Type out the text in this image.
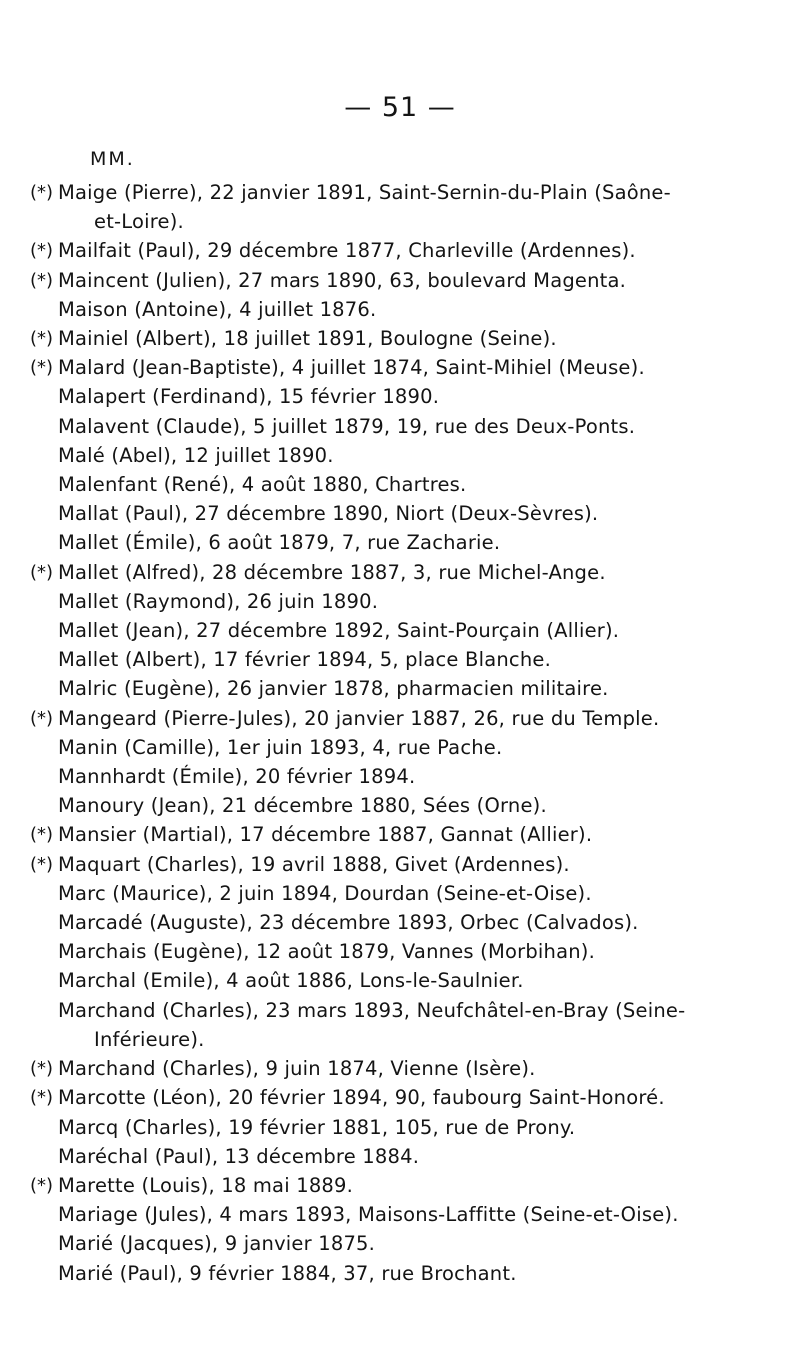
— 51 —
MM.
(*) Maige (Pierre), 22 janvier 1891, Saint-Sernin-du-Plain (Saône-
et-Loire).
(*) Mailfait (Paul), 29 décembre 1877, Charleville (Ardennes).
(*) Maincent (Julien), 27 mars 1890, 63, boulevard Magenta.
Maison (Antoine), 4 juillet 1876.
(*) Mainiel (Albert), 18 juillet 1891, Boulogne (Seine).
(*) Malard (Jean-Baptiste), 4 juillet 1874, Saint-Mihiel (Meuse).
Malapert (Ferdinand), 15 février 1890.
Malavent (Claude), 5 juillet 1879, 19, rue des Deux-Ponts.
Malé (Abel), 12 juillet 1890.
Malenfant (René), 4 août 1880, Chartres.
Mallat (Paul), 27 décembre 1890, Niort (Deux-Sèvres).
Mallet (Émile), 6 août 1879, 7, rue Zacharie.
(*) Mallet (Alfred), 28 décembre 1887, 3, rue Michel-Ange.
Mallet (Raymond), 26 juin 1890.
Mallet (Jean), 27 décembre 1892, Saint-Pourçain (Allier).
Mallet (Albert), 17 février 1894, 5, place Blanche.
Malric (Eugène), 26 janvier 1878, pharmacien militaire.
(*) Mangeard (Pierre-Jules), 20 janvier 1887, 26, rue du Temple.
Manin (Camille), 1er juin 1893, 4, rue Pache.
Mannhardt (Émile), 20 février 1894.
Manoury (Jean), 21 décembre 1880, Sées (Orne).
(*) Mansier (Martial), 17 décembre 1887, Gannat (Allier).
(*) Maquart (Charles), 19 avril 1888, Givet (Ardennes).
Marc (Maurice), 2 juin 1894, Dourdan (Seine-et-Oise).
Marcadé (Auguste), 23 décembre 1893, Orbec (Calvados).
Marchais (Eugène), 12 août 1879, Vannes (Morbihan).
Marchal (Emile), 4 août 1886, Lons-le-Saulnier.
Marchand (Charles), 23 mars 1893, Neufchâtel-en-Bray (Seine-
Inférieure).
(*) Marchand (Charles), 9 juin 1874, Vienne (Isère).
(*) Marcotte (Léon), 20 février 1894, 90, faubourg Saint-Honoré.
Marcq (Charles), 19 février 1881, 105, rue de Prony.
Maréchal (Paul), 13 décembre 1884.
(*) Marette (Louis), 18 mai 1889.
Mariage (Jules), 4 mars 1893, Maisons-Laffitte (Seine-et-Oise).
Marié (Jacques), 9 janvier 1875.
Marié (Paul), 9 février 1884, 37, rue Brochant.
